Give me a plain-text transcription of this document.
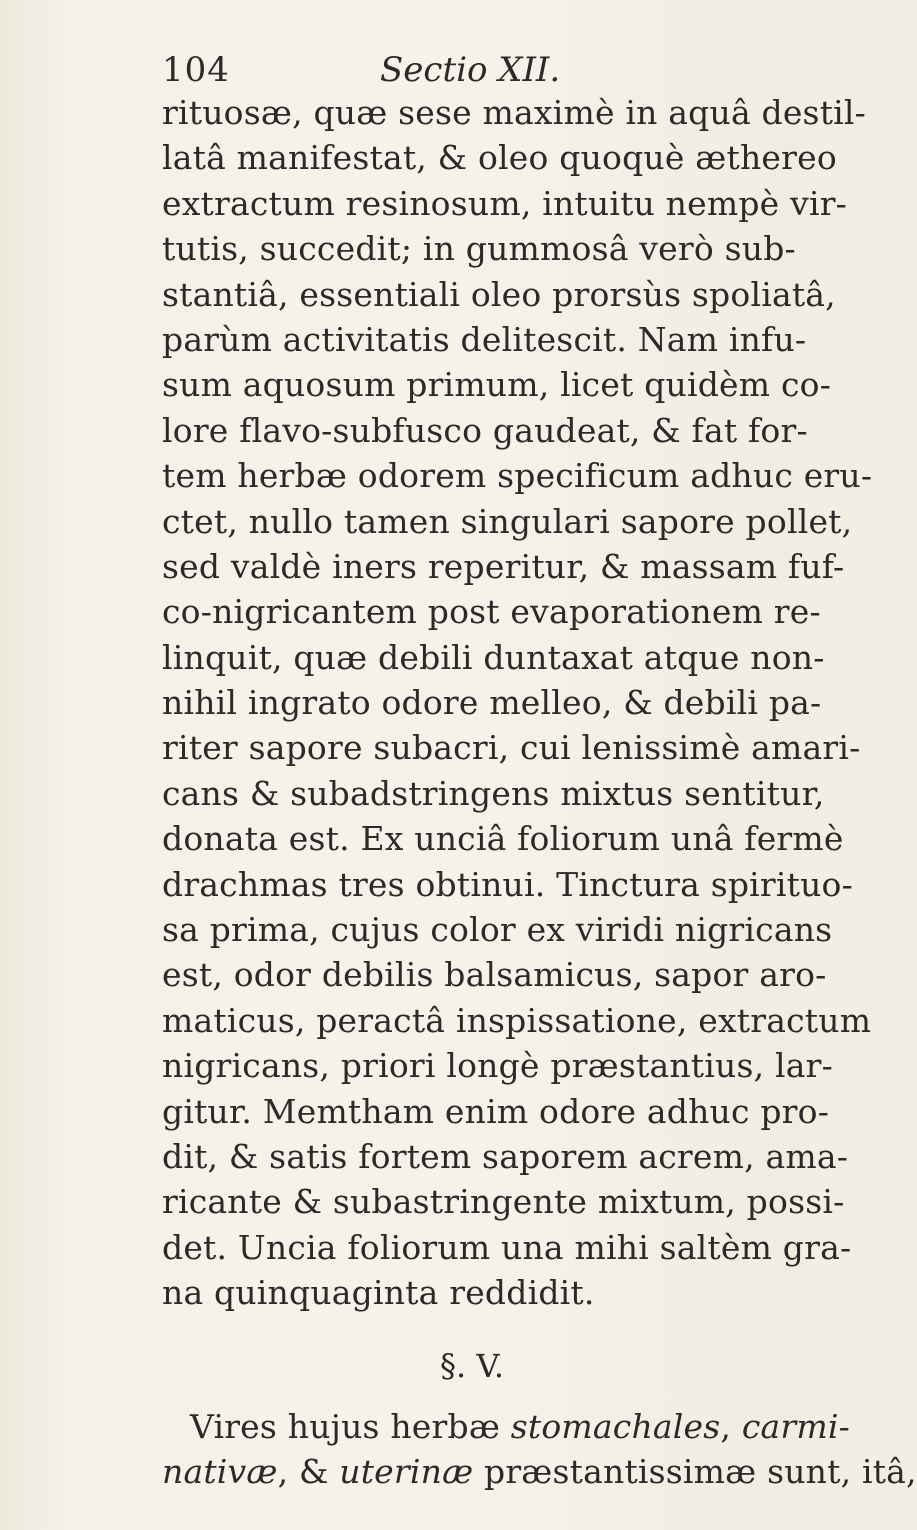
104	Sectio XII.
rituosæ, quæ sese maximè in aquâ destil-
latâ manifestat, & oleo quoquè æthereo
extractum resinosum, intuitu nempè vir-
tutis, succedit; in gummosâ verò sub-
stantiâ, essentiali oleo prorsùs spoliatâ,
parùm activitatis delitescit. Nam infu-
sum aquosum primum, licet quidèm co-
lore flavo-subfusco gaudeat, & fat for-
tem herbæ odorem specificum adhuc eru-
ctet, nullo tamen singulari sapore pollet,
sed valdè iners reperitur, & massam fuf-
co-nigricantem post evaporationem re-
linquit, quæ debili duntaxat atque non-
nihil ingrato odore melleo, & debili pa-
riter sapore subacri, cui lenissimè amari-
cans & subadstringens mixtus sentitur,
donata est. Ex unciâ foliorum unâ fermè
drachmas tres obtinui. Tinctura spirituo-
sa prima, cujus color ex viridi nigricans
est, odor debilis balsamicus, sapor aro-
maticus, peractâ inspissatione, extractum
nigricans, priori longè præstantius, lar-
gitur. Memtham enim odore adhuc pro-
dit, & satis fortem saporem acrem, ama-
ricante & subastringente mixtum, possi-
det. Uncia foliorum una mihi saltèm gra-
na quinquaginta reddidit.
§. V.
Vires hujus herbæ stomachales, carmi-
nativæ, & uterinæ præstantissimæ sunt, itâ,
